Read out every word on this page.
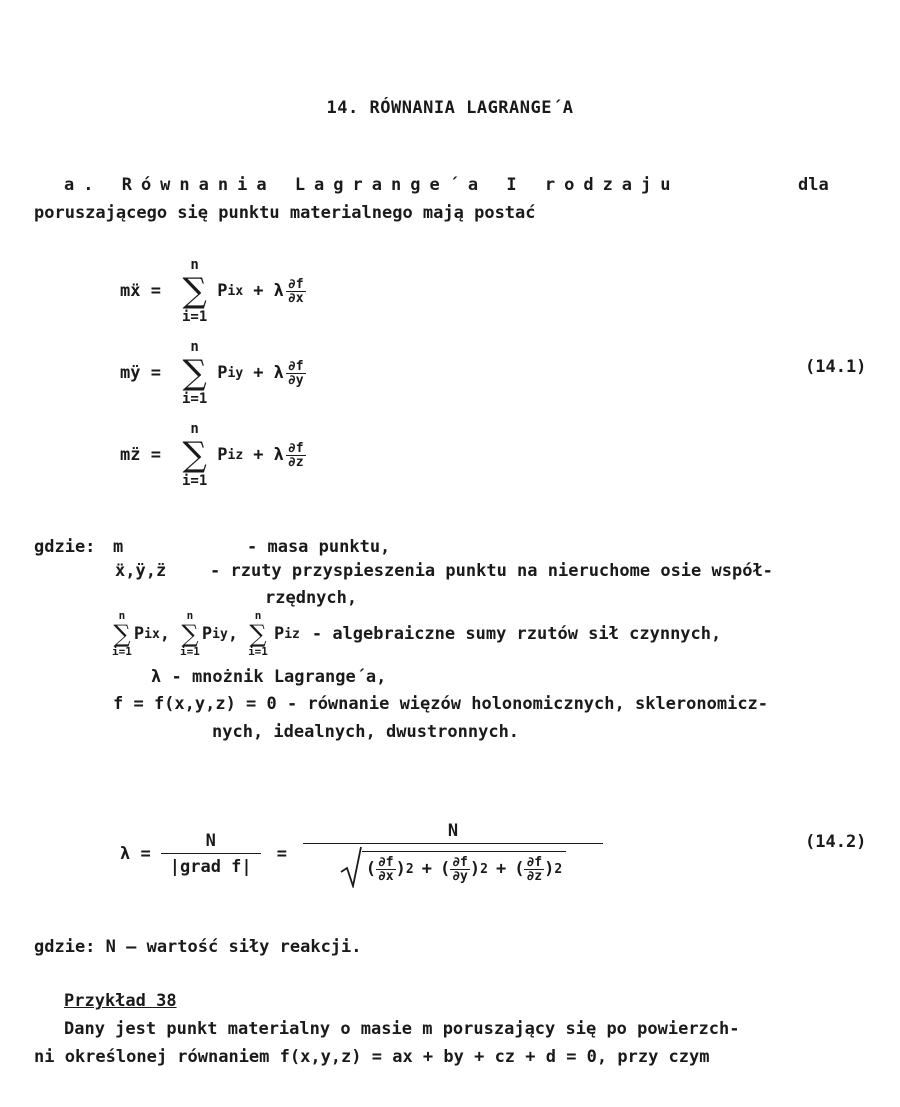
14. RÓWNANIA LAGRANGE´A
a. Równania Lagrange´a I rodzaju	dla
poruszającego się punktu materialnego mają postać
mẍ =
n
∑
i=1
P ix + λ $\frac{\partial f}{\partial x}$
mÿ =
n
∑
i=1
P iy + λ $\frac{\partial f}{\partial y}$
mz̈ =
n
∑
i=1
P iz + λ $\frac{\partial f}{\partial z}$
(14.1)
gdzie: m	- masa punktu,
ẍ,ÿ,z̈	- rzuty przyspieszenia punktu na nieruchome osie współ-
rzędnych,
n
∑
i=1
P ix ,
n
∑
i=1
P iy ,
n
∑
i=1
P iz - algebraiczne sumy rzutów sił czynnych,
λ - mnożnik Lagrange´a,
f = f(x,y,z) = 0 - równanie więzów holonomicznych, skleronomicz-
nych, idealnych, dwustronnych.
λ =
N
|grad f|
= $\frac{N}{( \frac{\partial f}{\partial x} ) 2 + ( \frac{\partial f}{\partial y} ) 2 + ( \frac{\partial f}{\partial z} ) 2}$	(14.2)
gdzie: N – wartość siły reakcji.
Przykład 38
Dany jest punkt materialny o masie m poruszający się po powierzch-
ni określonej równaniem f(x,y,z) = ax + by + cz + d = 0, przy czym
